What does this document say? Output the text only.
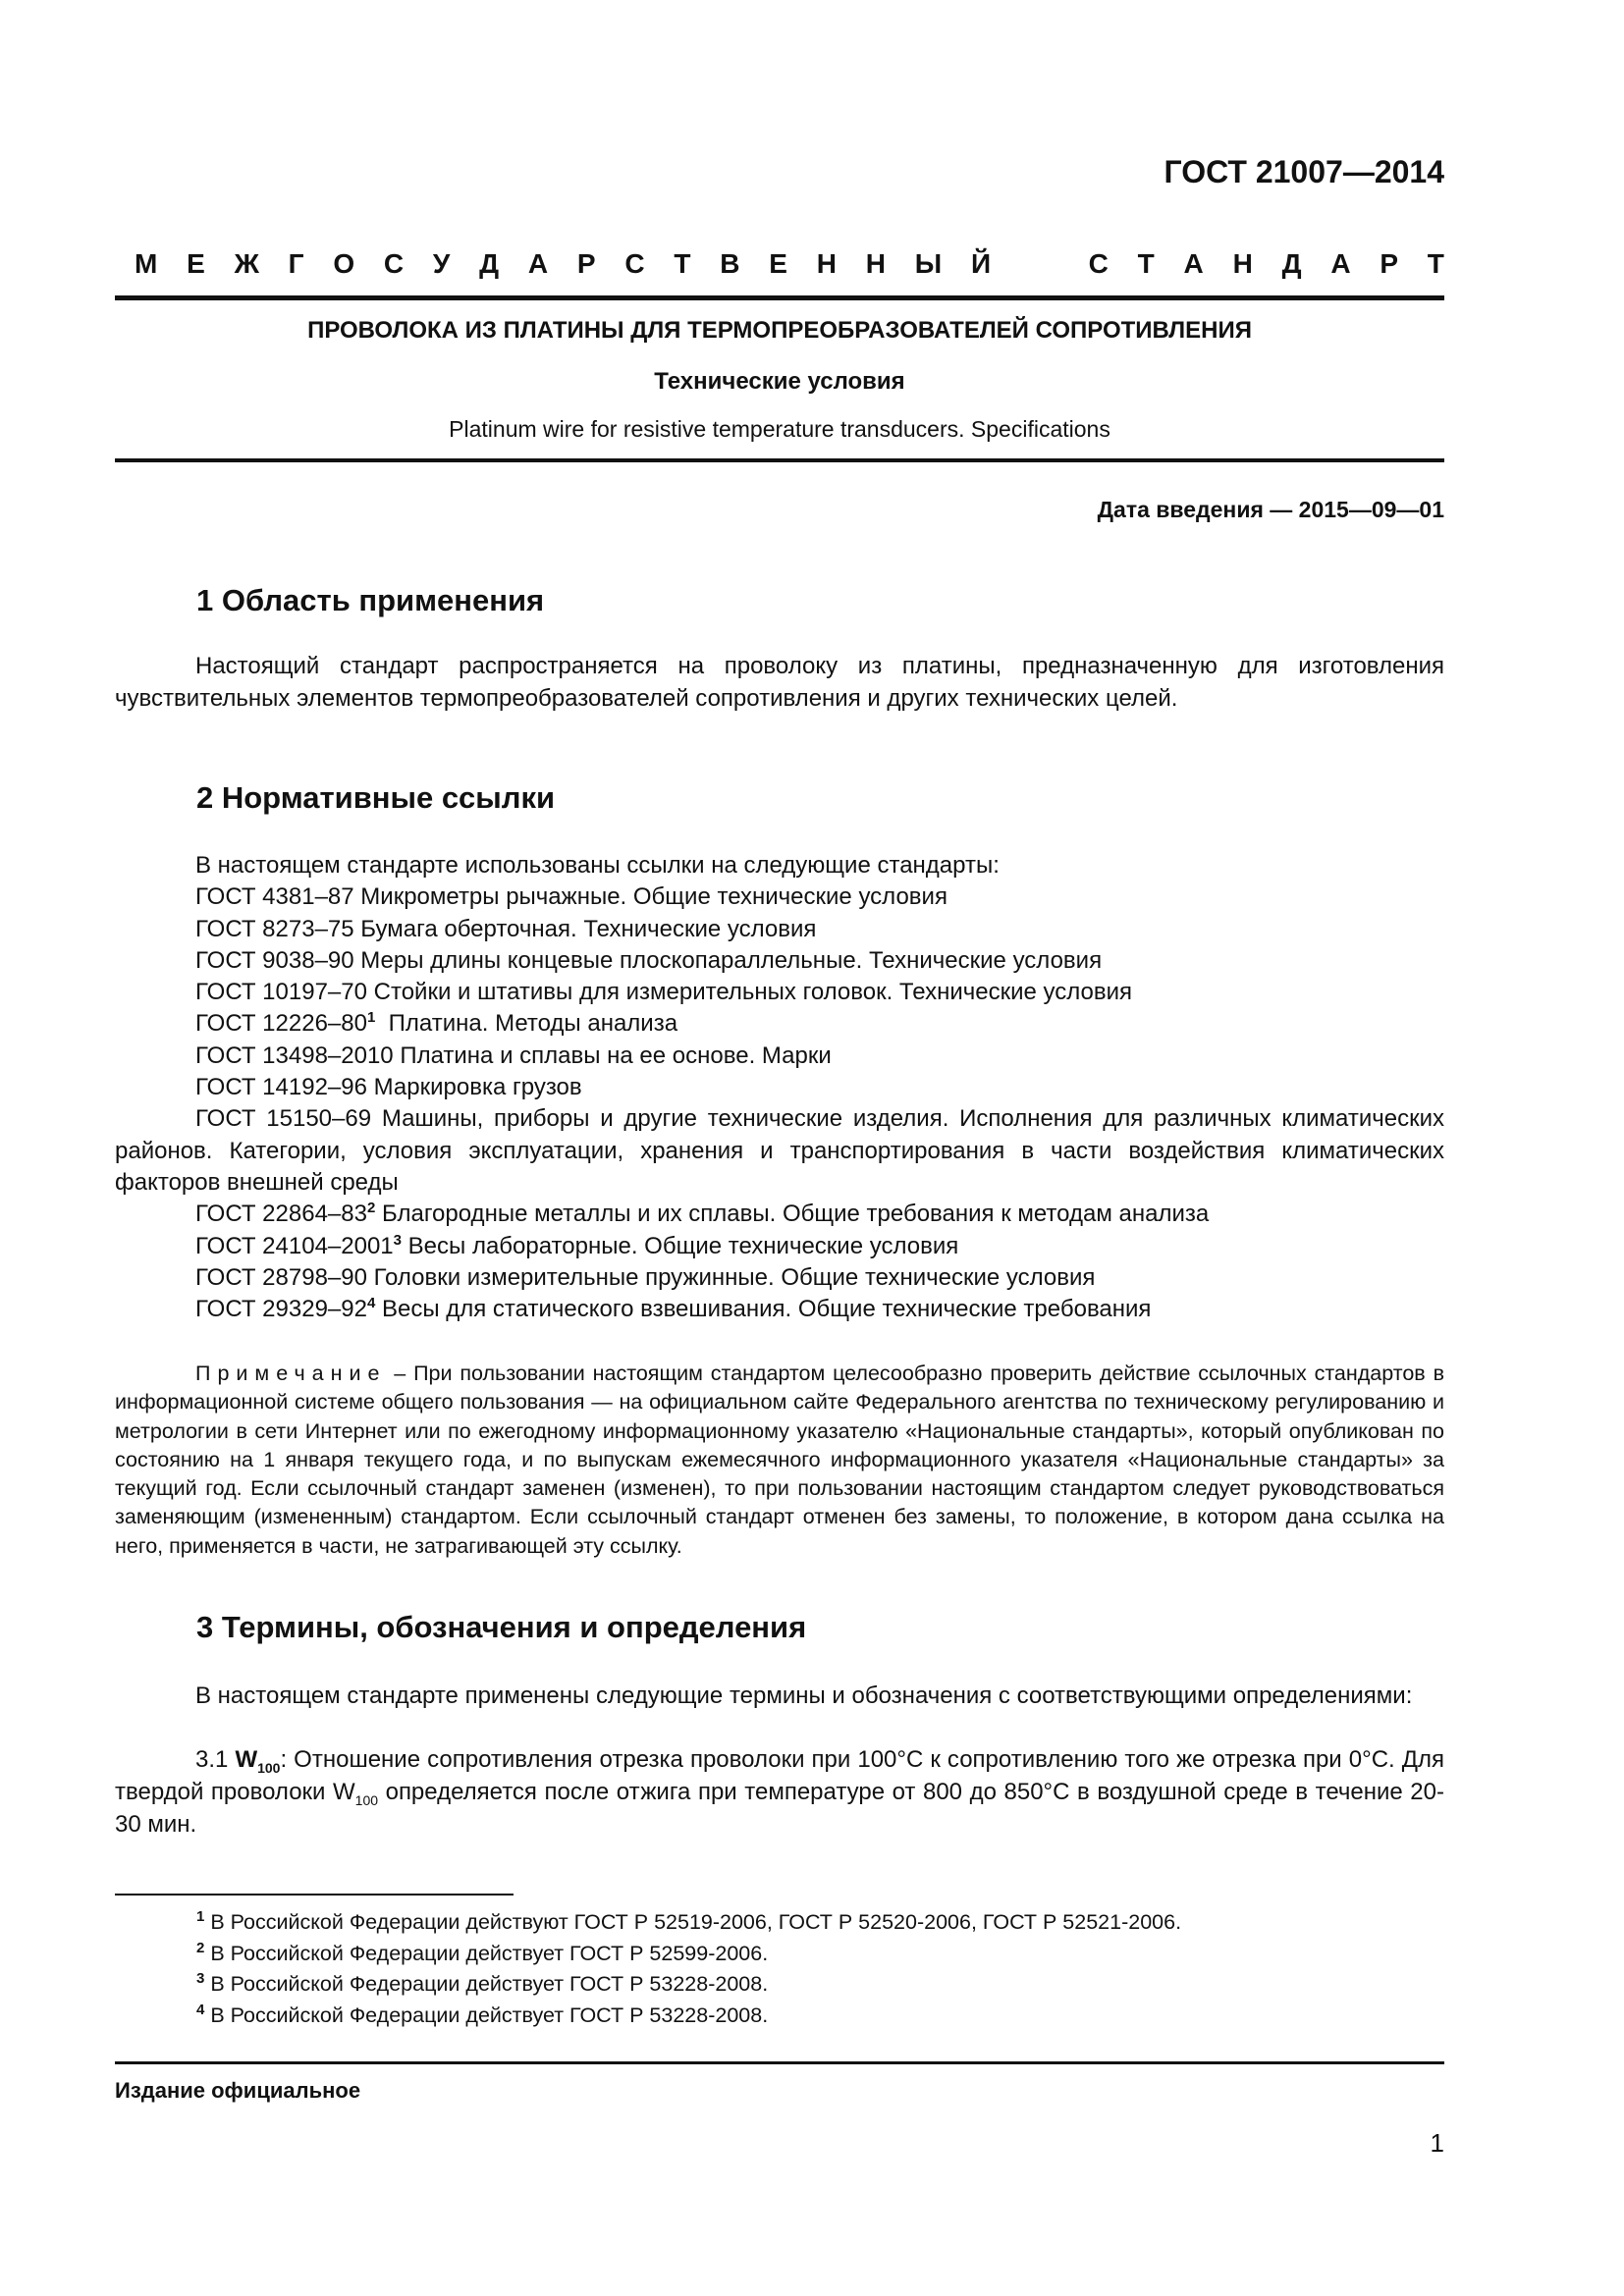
ГОСТ 21007—2014
М Е Ж Г О С У Д А Р С Т В Е Н Н Ы Й	С Т А Н Д А Р Т
ПРОВОЛОКА ИЗ ПЛАТИНЫ ДЛЯ ТЕРМОПРЕОБРАЗОВАТЕЛЕЙ СОПРОТИВЛЕНИЯ
Технические условия
Platinum wire for resistive temperature transducers. Specifications
Дата введения — 2015—09—01
1 Область применения
Настоящий стандарт распространяется на проволоку из платины, предназначенную для изготовления чувствительных элементов термопреобразователей сопротивления и других технических целей.
2 Нормативные ссылки
В настоящем стандарте использованы ссылки на следующие стандарты:
ГОСТ 4381–87 Микрометры рычажные. Общие технические условия
ГОСТ 8273–75 Бумага оберточная. Технические условия
ГОСТ 9038–90 Меры длины концевые плоскопараллельные. Технические условия
ГОСТ 10197–70 Стойки и штативы для измерительных головок. Технические условия
ГОСТ $12226-80^1$ Платина. Методы анализа
ГОСТ 13498–2010 Платина и сплавы на ее основе. Марки
ГОСТ 14192–96 Маркировка грузов
ГОСТ 15150–69 Машины, приборы и другие технические изделия. Исполнения для различных климатических районов. Категории, условия эксплуатации, хранения и транспортирования в части воздействия климатических факторов внешней среды
ГОСТ $22864-83^2$ Благородные металлы и их сплавы. Общие требования к методам анализа
ГОСТ 24104–2001$^3$ Весы лабораторные. Общие технические условия
ГОСТ 28798–90 Головки измерительные пружинные. Общие технические условия
ГОСТ $29329-92^4$ Весы для статического взвешивания. Общие технические требования
Примечание – При пользовании настоящим стандартом целесообразно проверить действие ссылочных стандартов в информационной системе общего пользования — на официальном сайте Федерального агентства по техническому регулированию и метрологии в сети Интернет или по ежегодному информационному указателю «Национальные стандарты», который опубликован по состоянию на 1 января текущего года, и по выпускам ежемесячного информационного указателя «Национальные стандарты» за текущий год. Если ссылочный стандарт заменен (изменен), то при пользовании настоящим стандартом следует руководствоваться заменяющим (измененным) стандартом. Если ссылочный стандарт отменен без замены, то положение, в котором дана ссылка на него, применяется в части, не затрагивающей эту ссылку.
3 Термины, обозначения и определения
В настоящем стандарте применены следующие термины и обозначения с соответствующими определениями:
3.1 $W_{100}$: Отношение сопротивления отрезка проволоки при 100°С к сопротивлению того же отрезка при 0°С. Для твердой проволоки $W_{100}$ определяется после отжига при температуре от 800 до 850°С в воздушной среде в течение 20-30 мин.
$^1$ В Российской Федерации действуют ГОСТ Р 52519-2006, ГОСТ Р 52520-2006, ГОСТ Р 52521-2006.
$^2$ В Российской Федерации действует ГОСТ Р 52599-2006.
$^3$ В Российской Федерации действует ГОСТ Р 53228-2008.
$^4$ В Российской Федерации действует ГОСТ Р 53228-2008.
Издание официальное
1
